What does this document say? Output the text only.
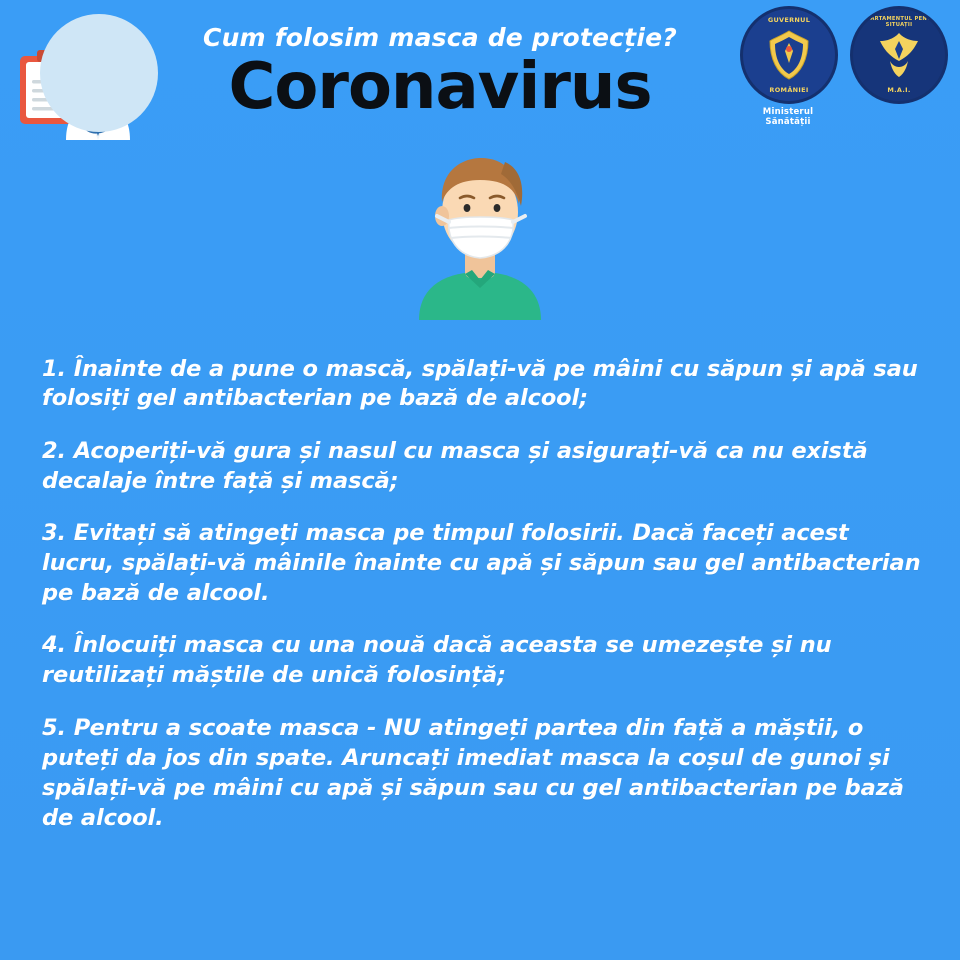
Cum folosim masca de protecție?
Coronavirus
GUVERNUL
ROMÂNIEI
Ministerul Sănătății
DEPARTAMENTUL PENTRU SITUAȚII
M.A.I.

1. Înainte de a pune o mască, spălați-vă pe mâini cu săpun și apă sau folosiți gel antibacterian pe bază de alcool;

2. Acoperiți-vă gura și nasul cu masca și asigurați-vă ca nu există decalaje între față și mască;

3. Evitați să atingeți masca pe timpul folosirii. Dacă faceți acest lucru, spălați-vă mâinile înainte cu apă și săpun sau gel antibacterian pe bază de alcool.

4. Înlocuiți masca cu una nouă dacă aceasta se umezește și nu reutilizați măștile de unică folosință;

5. Pentru a scoate masca - NU atingeți partea din față a măștii, o puteți da jos din spate. Aruncați imediat masca la coșul de gunoi și spălați-vă pe mâini cu apă și săpun sau cu gel antibacterian pe bază de alcool.
